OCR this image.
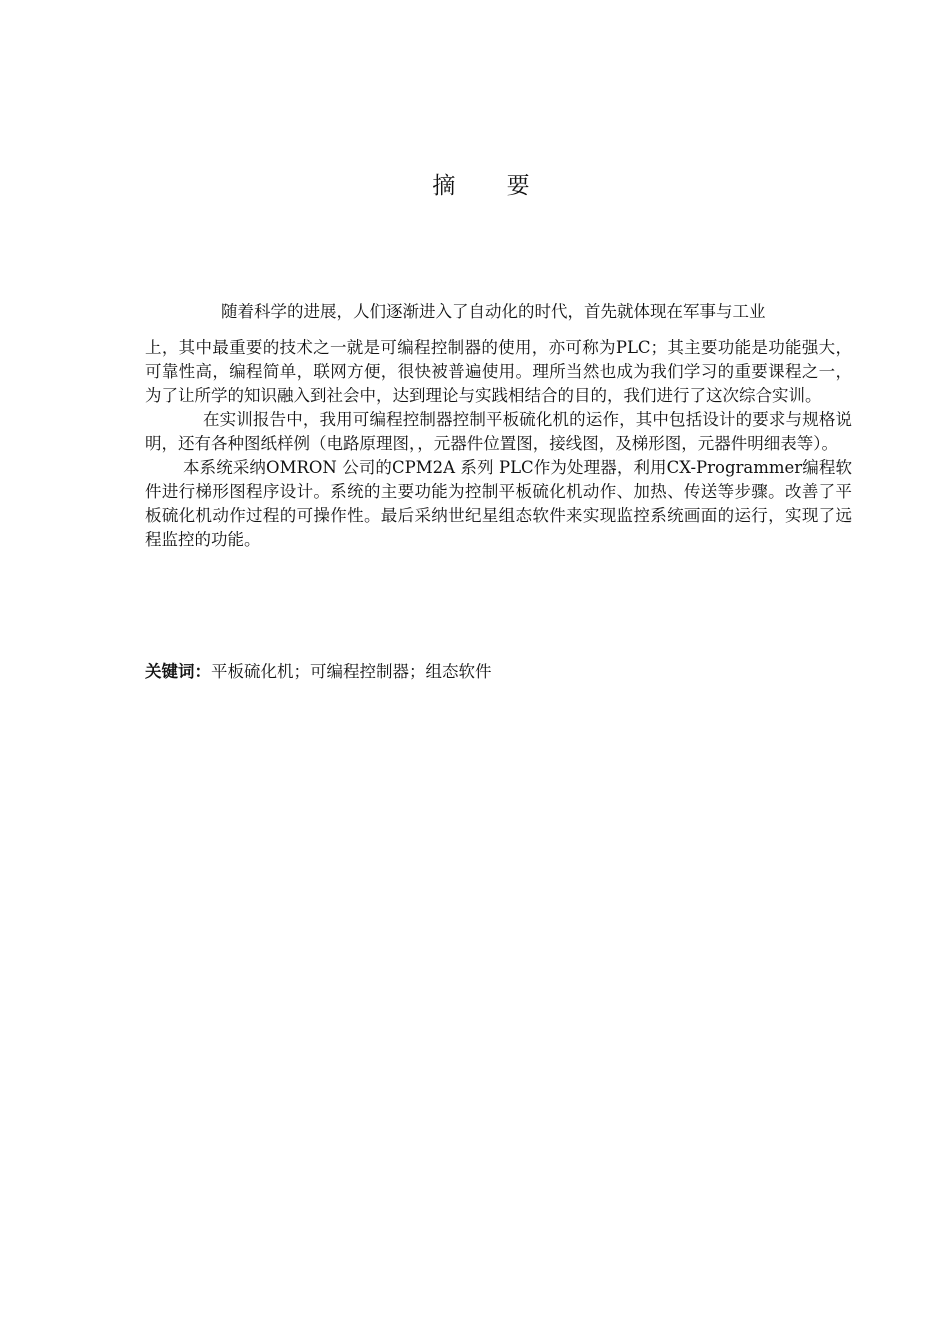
摘 要

随着科学的进展，人们逐渐进入了自动化的时代，首先就体现在军事与工业

上，其中最重要的技术之一就是可编程控制器的使用，亦可称为PLC；其主要功能是功能强大，可靠性高，编程简单，联网方便，很快被普遍使用。理所当然也成为我们学习的重要课程之一，为了让所学的知识融入到社会中，达到理论与实践相结合的目的，我们进行了这次综合实训。

在实训报告中，我用可编程控制器控制平板硫化机的运作，其中包括设计的要求与规格说明，还有各种图纸样例（电路原理图，，元器件位置图，接线图，及梯形图，元器件明细表等）。

本系统采纳OMRON 公司的CPM2A 系列 PLC作为处理器，利用CX-Programmer编程软件进行梯形图程序设计。系统的主要功能为控制平板硫化机动作、加热、传送等步骤。改善了平板硫化机动作过程的可操作性。最后采纳世纪星组态软件来实现监控系统画面的运行，实现了远程监控的功能。

关键词：平板硫化机；可编程控制器；组态软件
